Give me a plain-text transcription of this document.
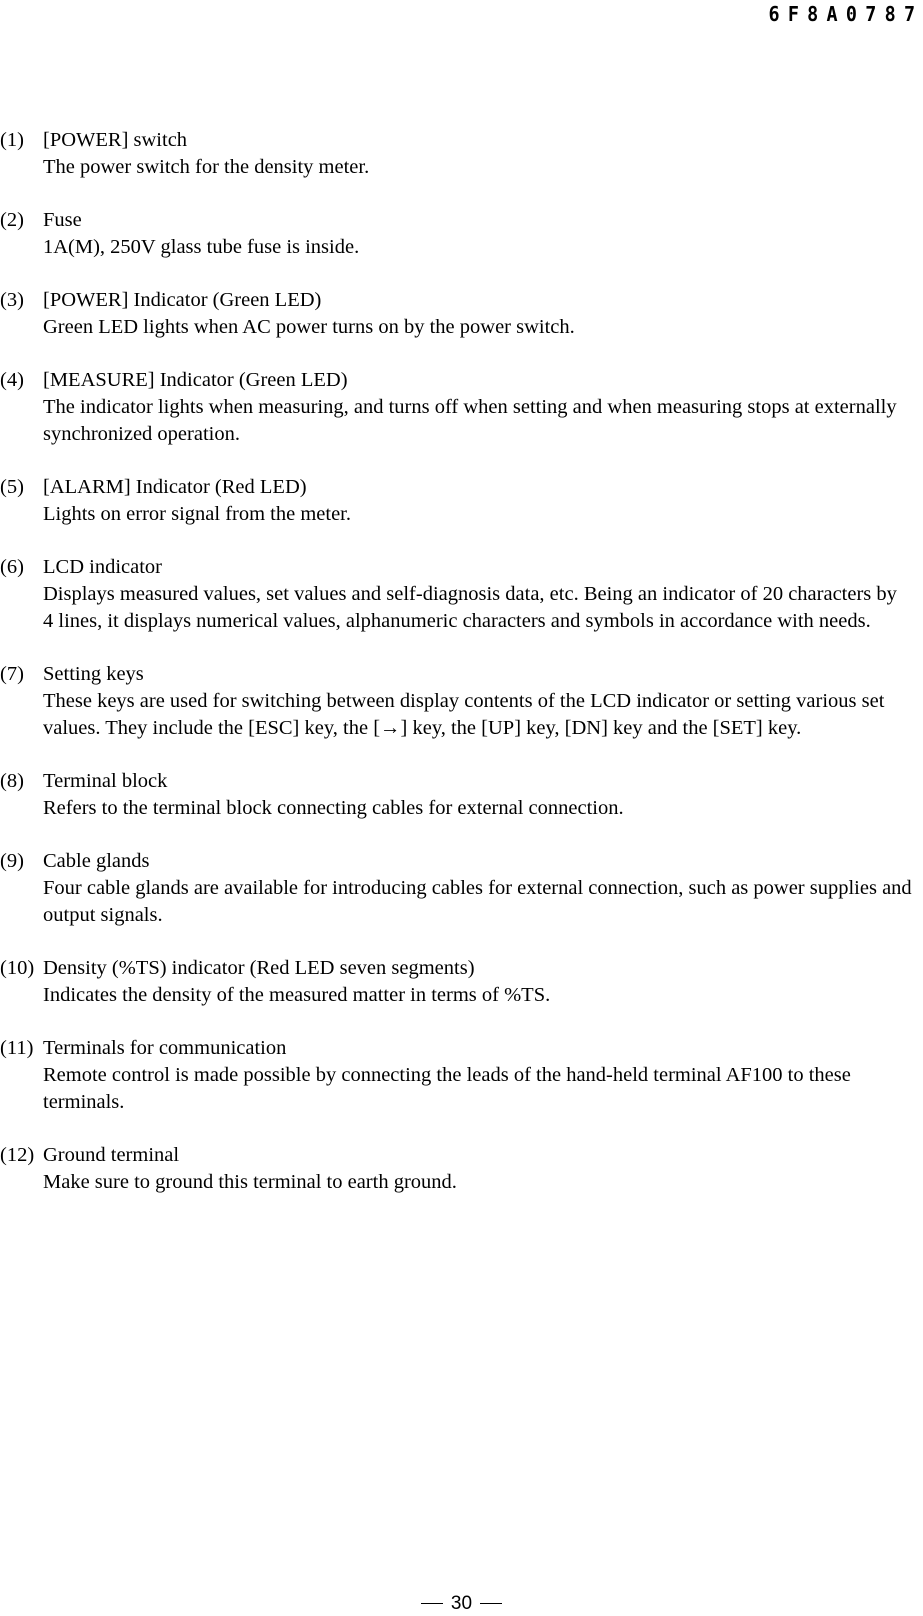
6F8A0787
(1) [POWER] switch
The power switch for the density meter.
(2) Fuse
1A(M), 250V glass tube fuse is inside.
(3) [POWER] Indicator (Green LED)
Green LED lights when AC power turns on by the power switch.
(4) [MEASURE] Indicator (Green LED)
The indicator lights when measuring, and turns off when setting and when measuring stops at externally synchronized operation.
(5) [ALARM] Indicator (Red LED)
Lights on error signal from the meter.
(6) LCD indicator
Displays measured values, set values and self-diagnosis data, etc. Being an indicator of 20 characters by 4 lines, it displays numerical values, alphanumeric characters and symbols in accordance with needs.
(7) Setting keys
These keys are used for switching between display contents of the LCD indicator or setting various set values. They include the [ESC] key, the [→] key, the [UP] key, [DN] key and the [SET] key.
(8) Terminal block
Refers to the terminal block connecting cables for external connection.
(9) Cable glands
Four cable glands are available for introducing cables for external connection, such as power supplies and output signals.
(10) Density (%TS) indicator (Red LED seven segments)
Indicates the density of the measured matter in terms of %TS.
(11) Terminals for communication
Remote control is made possible by connecting the leads of the hand-held terminal AF100 to these terminals.
(12) Ground terminal
Make sure to ground this terminal to earth ground.
30
